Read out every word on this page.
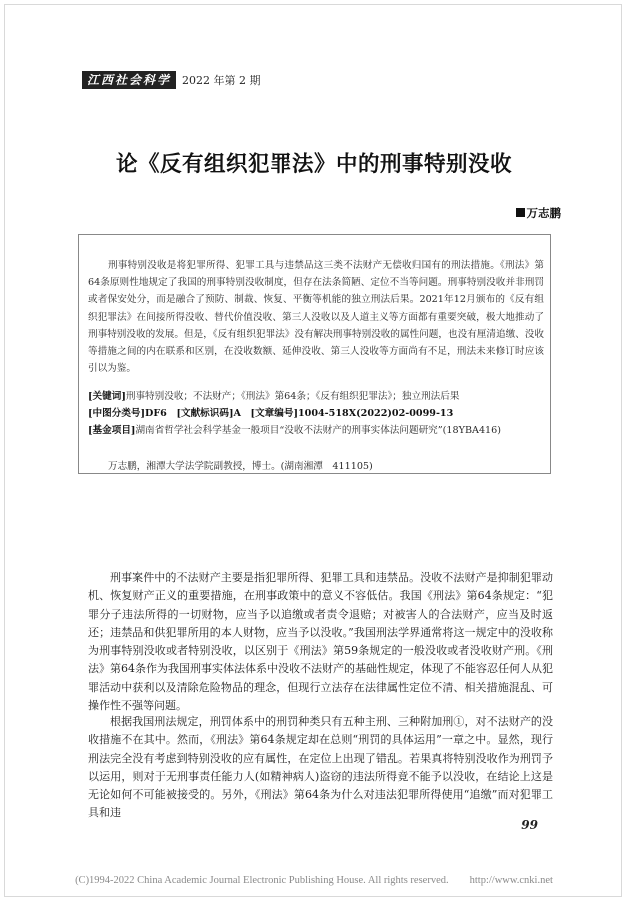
江西社会科学	2022 年第 2 期
论《反有组织犯罪法》中的刑事特别没收
万志鹏
刑事特别没收是将犯罪所得、犯罪工具与违禁品这三类不法财产无偿收归国有的刑法措施。《刑法》第64条原则性地规定了我国的刑事特别没收制度，但存在法条简陋、定位不当等问题。刑事特别没收并非刑罚或者保安处分，而是融合了预防、制裁、恢复、平衡等机能的独立刑法后果。2021年12月颁布的《反有组织犯罪法》在间接所得没收、替代价值没收、第三人没收以及人道主义等方面都有重要突破，极大地推动了刑事特别没收的发展。但是，《反有组织犯罪法》没有解决刑事特别没收的属性问题，也没有厘清追缴、没收等措施之间的内在联系和区别，在没收数额、延伸没收、第三人没收等方面尚有不足，刑法未来修订时应该引以为鉴。
[关键词]刑事特别没收；不法财产；《刑法》第64条；《反有组织犯罪法》；独立刑法后果
[中图分类号]DF6　[文献标识码]A　[文章编号]1004-518X(2022)02-0099-13
[基金项目]湖南省哲学社会科学基金一般项目“没收不法财产的刑事实体法问题研究”(18YBA416)
万志鹏，湘潭大学法学院副教授，博士。(湖南湘潭　411105)
刑事案件中的不法财产主要是指犯罪所得、犯罪工具和违禁品。没收不法财产是抑制犯罪动机、恢复财产正义的重要措施，在刑事政策中的意义不容低估。我国《刑法》第64条规定：“犯罪分子违法所得的一切财物，应当予以追缴或者责令退赔；对被害人的合法财产，应当及时返还；违禁品和供犯罪所用的本人财物，应当予以没收。”我国刑法学界通常将这一规定中的没收称为刑事特别没收或者特别没收，以区别于《刑法》第59条规定的一般没收或者没收财产刑。《刑法》第64条作为我国刑事实体法体系中没收不法财产的基础性规定，体现了不能容忍任何人从犯罪活动中获利以及清除危险物品的理念，但现行立法存在法律属性定位不清、相关措施混乱、可操作性不强等问题。
根据我国刑法规定，刑罚体系中的刑罚种类只有五种主刑、三种附加刑①，对不法财产的没收措施不在其中。然而，《刑法》第64条规定却在总则“刑罚的具体运用”一章之中。显然，现行刑法完全没有考虑到特别没收的应有属性，在定位上出现了错乱。若果真将特别没收作为刑罚予以运用，则对于无刑事责任能力人(如精神病人)盗窃的违法所得竟不能予以没收，在结论上这是无论如何不可能被接受的。另外，《刑法》第64条为什么对违法犯罪所得使用“追缴”而对犯罪工具和违
99
(C)1994-2022 China Academic Journal Electronic Publishing House. All rights reserved.　　http://www.cnki.net
